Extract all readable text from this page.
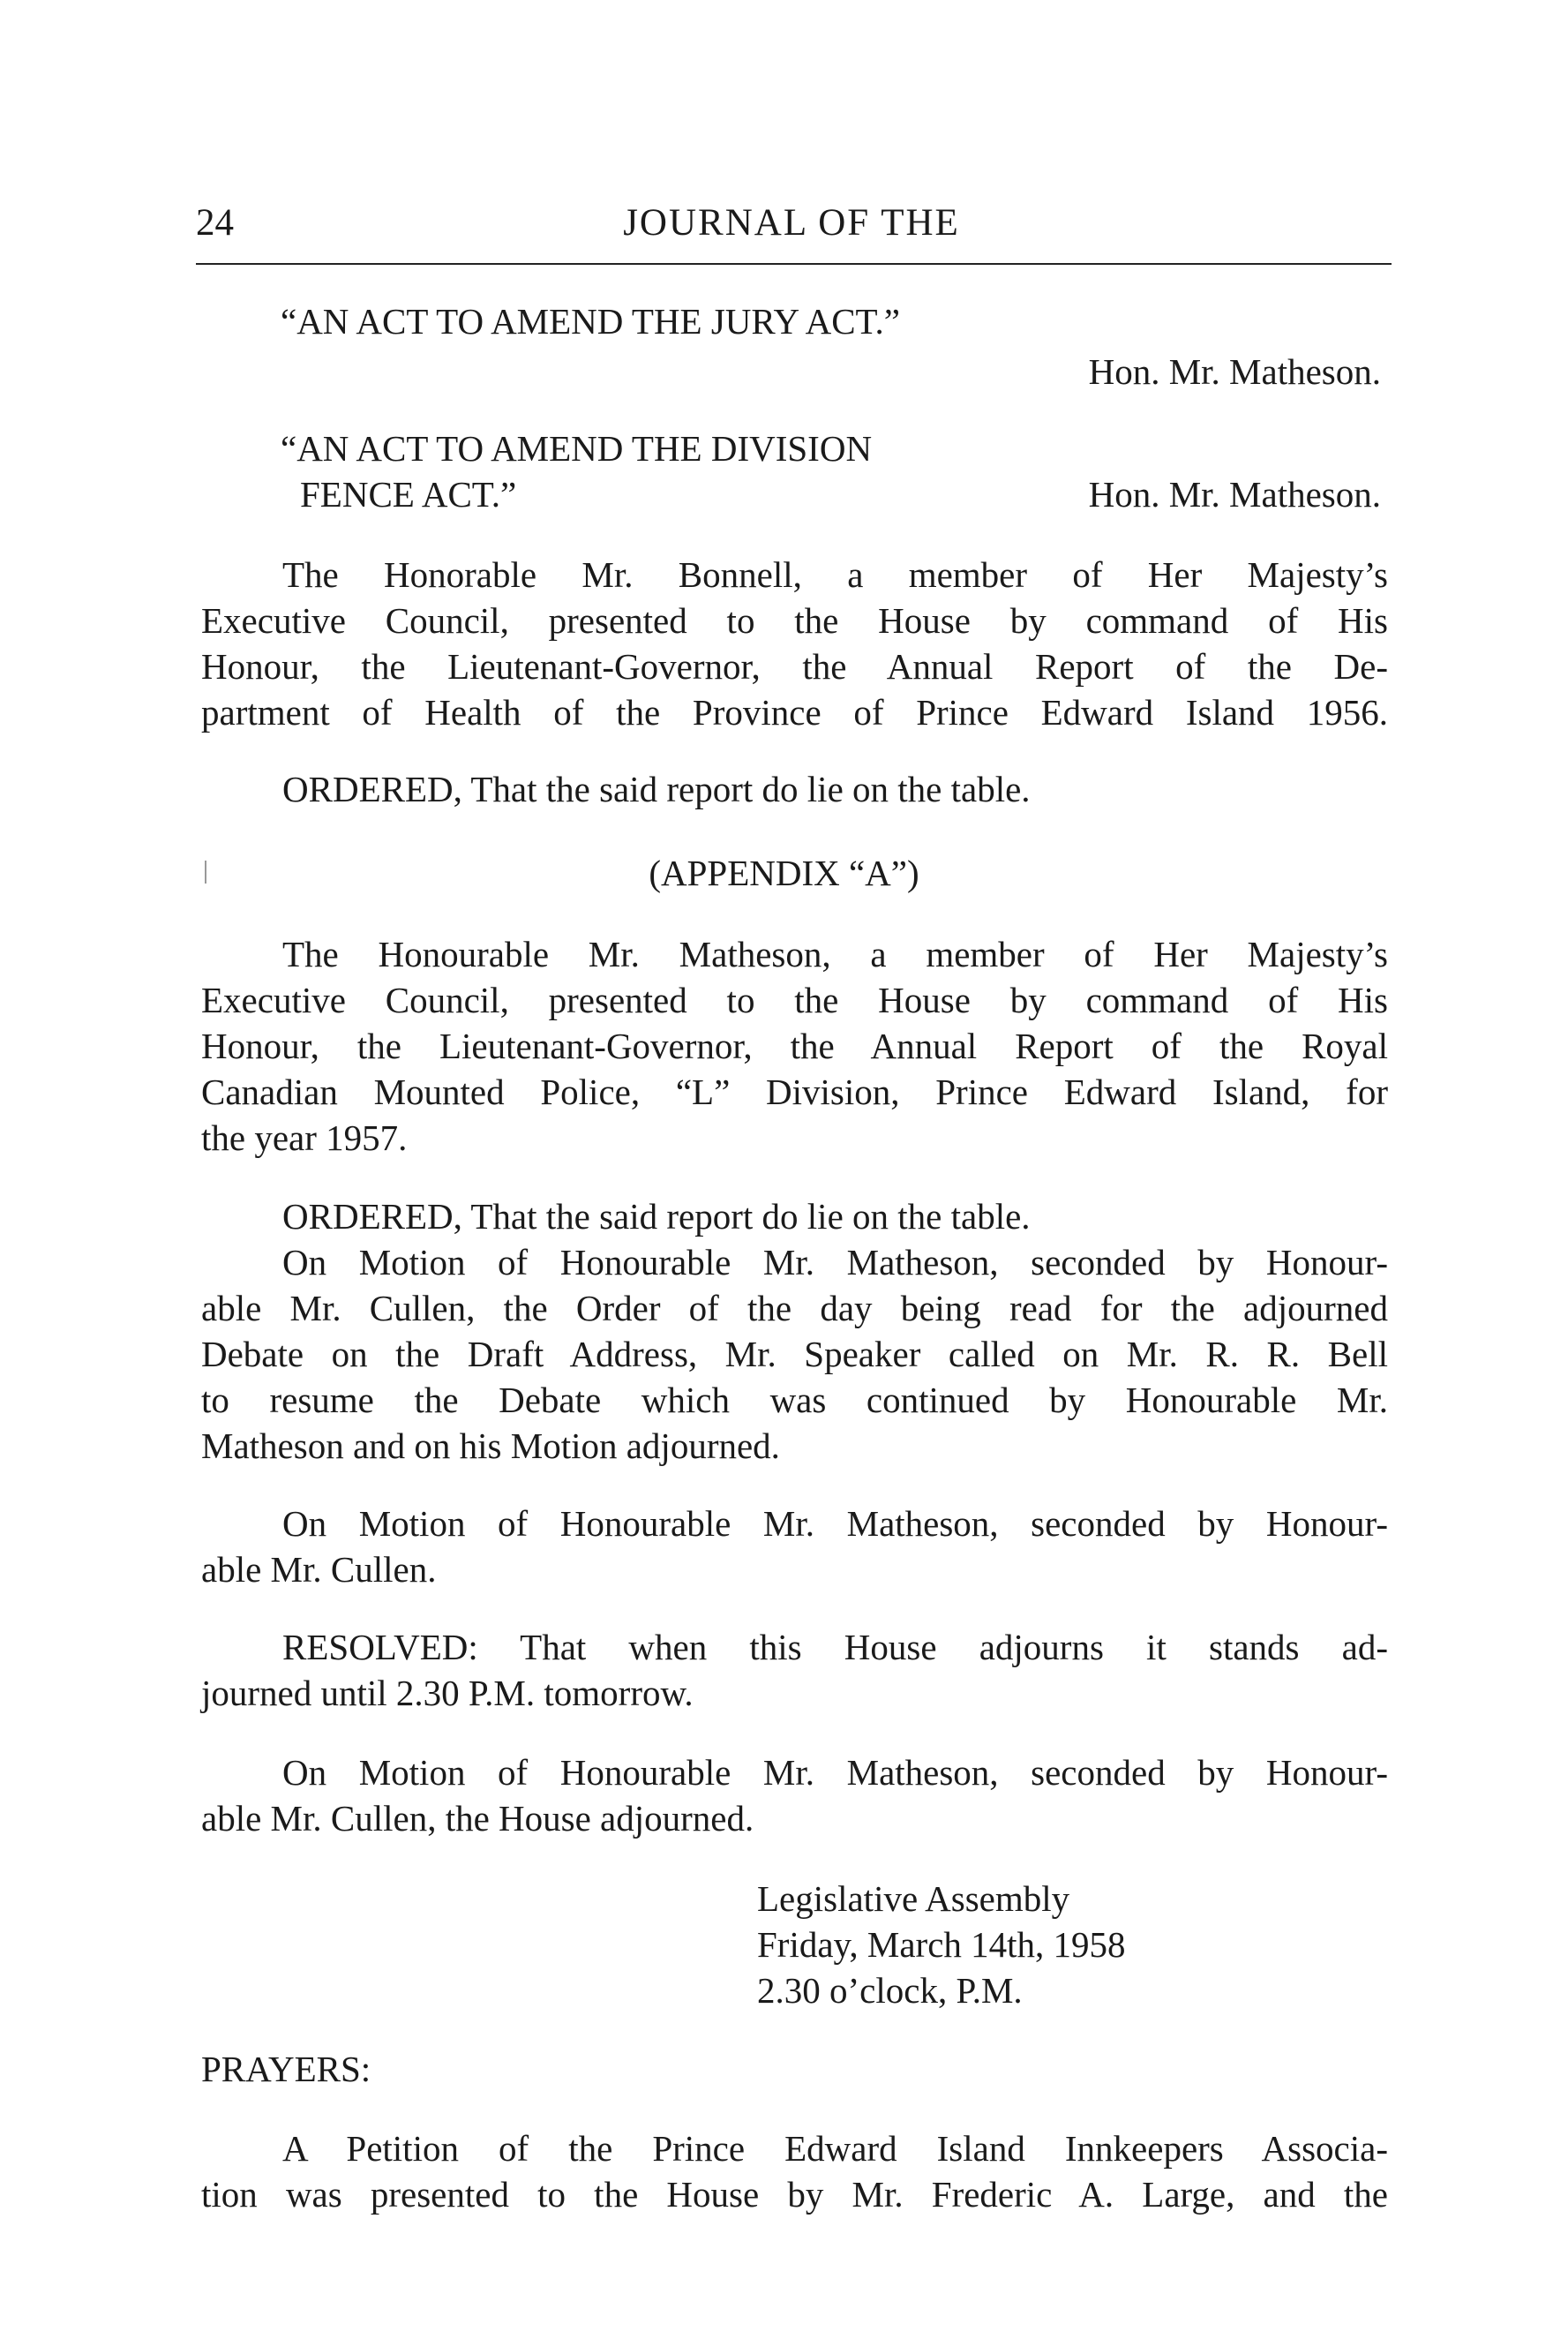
24	JOURNAL OF THE
“AN ACT TO AMEND THE JURY ACT.”
Hon. Mr. Matheson.
“AN ACT TO AMEND THE DIVISION
FENCE ACT.”	Hon. Mr. Matheson.
The Honorable Mr. Bonnell, a member of Her Majesty’s
Executive Council, presented to the House by command of His
Honour, the Lieutenant-Governor, the Annual Report of the De-
partment of Health of the Province of Prince Edward Island 1956.
ORDERED, That the said report do lie on the table.
(APPENDIX “A”)
The Honourable Mr. Matheson, a member of Her Majesty’s
Executive Council, presented to the House by command of His
Honour, the Lieutenant-Governor, the Annual Report of the Royal
Canadian Mounted Police, “L” Division, Prince Edward Island, for
the year 1957.
ORDERED, That the said report do lie on the table.
On Motion of Honourable Mr. Matheson, seconded by Honour-
able Mr. Cullen, the Order of the day being read for the adjourned
Debate on the Draft Address, Mr. Speaker called on Mr. R. R. Bell
to resume the Debate which was continued by Honourable Mr.
Matheson and on his Motion adjourned.
On Motion of Honourable Mr. Matheson, seconded by Honour-
able Mr. Cullen.
RESOLVED: That when this House adjourns it stands ad-
journed until 2.30 P.M. tomorrow.
On Motion of Honourable Mr. Matheson, seconded by Honour-
able Mr. Cullen, the House adjourned.
Legislative Assembly
Friday, March 14th, 1958
2.30 o’clock, P.M.
PRAYERS:
A Petition of the Prince Edward Island Innkeepers Associa-
tion was presented to the House by Mr. Frederic A. Large, and the
